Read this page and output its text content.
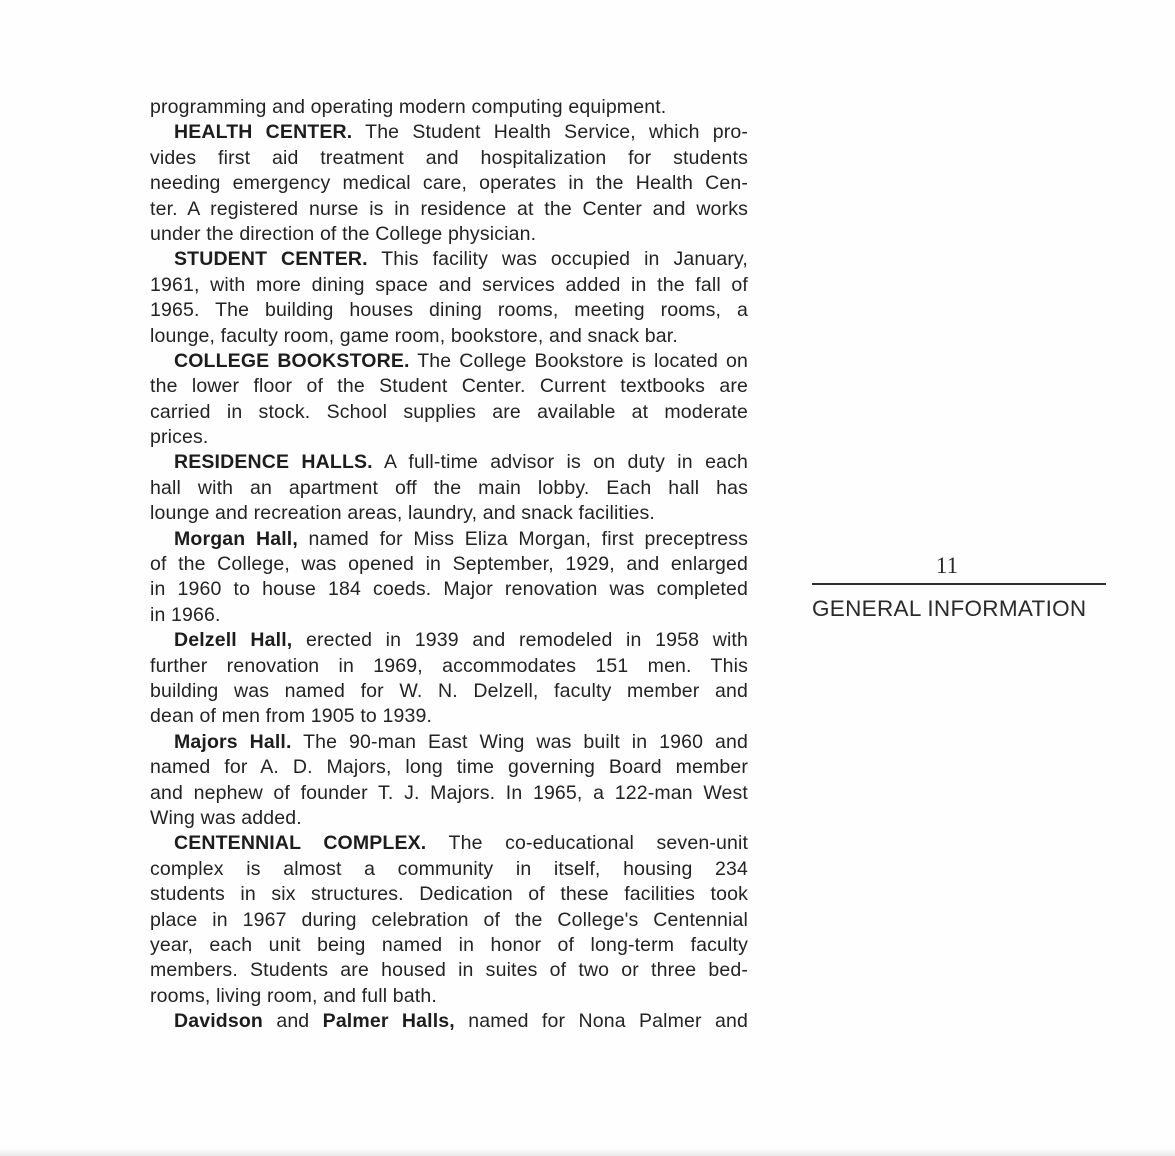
programming and operating modern computing equipment.
HEALTH CENTER. The Student Health Service, which pro-
vides first aid treatment and hospitalization for students
needing emergency medical care, operates in the Health Cen-
ter. A registered nurse is in residence at the Center and works
under the direction of the College physician.
STUDENT CENTER. This facility was occupied in January,
1961, with more dining space and services added in the fall of
1965. The building houses dining rooms, meeting rooms, a
lounge, faculty room, game room, bookstore, and snack bar.
COLLEGE BOOKSTORE. The College Bookstore is located on
the lower floor of the Student Center. Current textbooks are
carried in stock. School supplies are available at moderate
prices.
RESIDENCE HALLS. A full-time advisor is on duty in each
hall with an apartment off the main lobby. Each hall has
lounge and recreation areas, laundry, and snack facilities.
Morgan Hall, named for Miss Eliza Morgan, first preceptress
of the College, was opened in September, 1929, and enlarged
in 1960 to house 184 coeds. Major renovation was completed
in 1966.
Delzell Hall, erected in 1939 and remodeled in 1958 with
further renovation in 1969, accommodates 151 men. This
building was named for W. N. Delzell, faculty member and
dean of men from 1905 to 1939.
Majors Hall. The 90-man East Wing was built in 1960 and
named for A. D. Majors, long time governing Board member
and nephew of founder T. J. Majors. In 1965, a 122-man West
Wing was added.
CENTENNIAL COMPLEX. The co-educational seven-unit
complex is almost a community in itself, housing 234
students in six structures. Dedication of these facilities took
place in 1967 during celebration of the College's Centennial
year, each unit being named in honor of long-term faculty
members. Students are housed in suites of two or three bed-
rooms, living room, and full bath.
Davidson and Palmer Halls, named for Nona Palmer and
11
GENERAL INFORMATION
